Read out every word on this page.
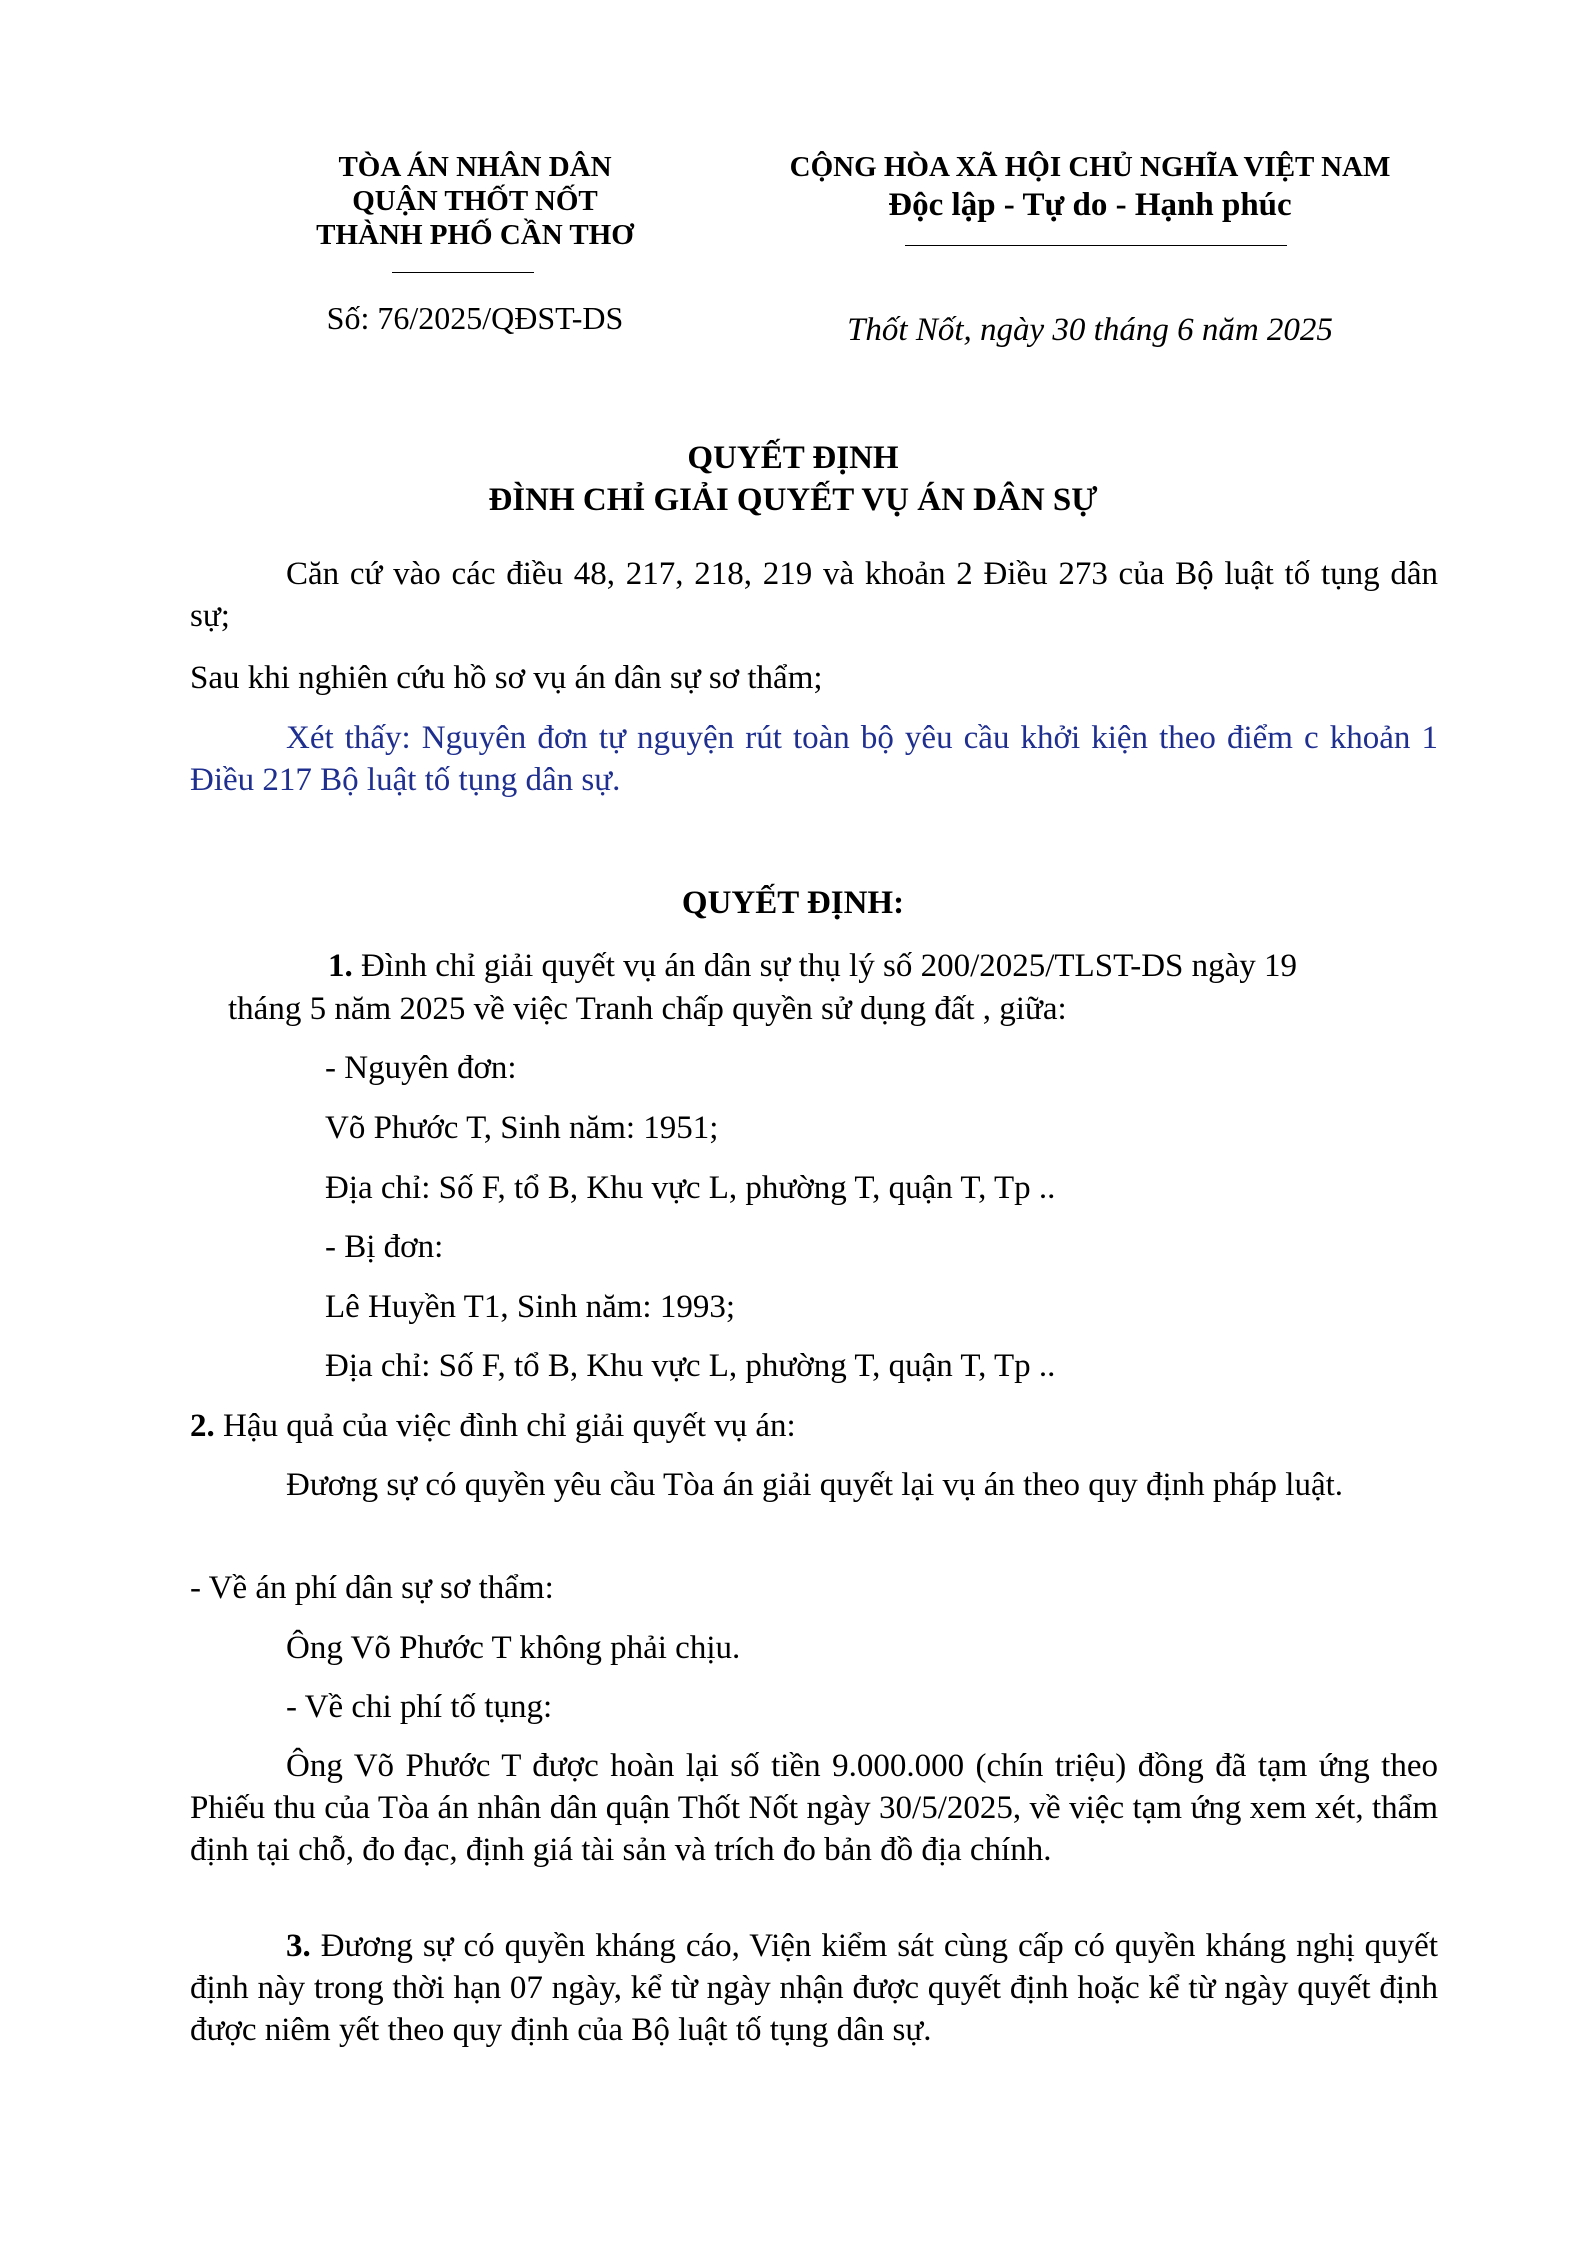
TÒA ÁN NHÂN DÂN
QUẬN THỐT NỐT
THÀNH PHỐ CẦN THƠ
CỘNG HÒA XÃ HỘI CHỦ NGHĨA VIỆT NAM
Độc lập - Tự do - Hạnh phúc
Số: 76/2025/QĐST-DS	Thốt Nốt, ngày 30 tháng 6 năm 2025
QUYẾT ĐỊNH
ĐÌNH CHỈ GIẢI QUYẾT VỤ ÁN DÂN SỰ
Căn cứ vào các điều 48, 217, 218, 219 và khoản 2 Điều 273 của Bộ luật tố tụng dân sự;
Sau khi nghiên cứu hồ sơ vụ án dân sự sơ thẩm;
Xét thấy: Nguyên đơn tự nguyện rút toàn bộ yêu cầu khởi kiện theo điểm c khoản 1 Điều 217 Bộ luật tố tụng dân sự.
QUYẾT ĐỊNH:
1. Đình chỉ giải quyết vụ án dân sự thụ lý số 200/2025/TLST-DS ngày 19
tháng 5 năm 2025 về việc Tranh chấp quyền sử dụng đất , giữa:
- Nguyên đơn:
Võ Phước T, Sinh năm: 1951;
Địa chỉ: Số F, tổ B, Khu vực L, phường T, quận T, Tp ..
- Bị đơn:
Lê Huyền T1, Sinh năm: 1993;
Địa chỉ: Số F, tổ B, Khu vực L, phường T, quận T, Tp ..
2. Hậu quả của việc đình chỉ giải quyết vụ án:
Đương sự có quyền yêu cầu Tòa án giải quyết lại vụ án theo quy định pháp luật.
- Về án phí dân sự sơ thẩm:
Ông Võ Phước T không phải chịu.
- Về chi phí tố tụng:
Ông Võ Phước T được hoàn lại số tiền 9.000.000 (chín triệu) đồng đã tạm ứng theo Phiếu thu của Tòa án nhân dân quận Thốt Nốt ngày 30/5/2025, về việc tạm ứng xem xét, thẩm định tại chỗ, đo đạc, định giá tài sản và trích đo bản đồ địa chính.
3. Đương sự có quyền kháng cáo, Viện kiểm sát cùng cấp có quyền kháng nghị quyết định này trong thời hạn 07 ngày, kể từ ngày nhận được quyết định hoặc kể từ ngày quyết định được niêm yết theo quy định của Bộ luật tố tụng dân sự.
